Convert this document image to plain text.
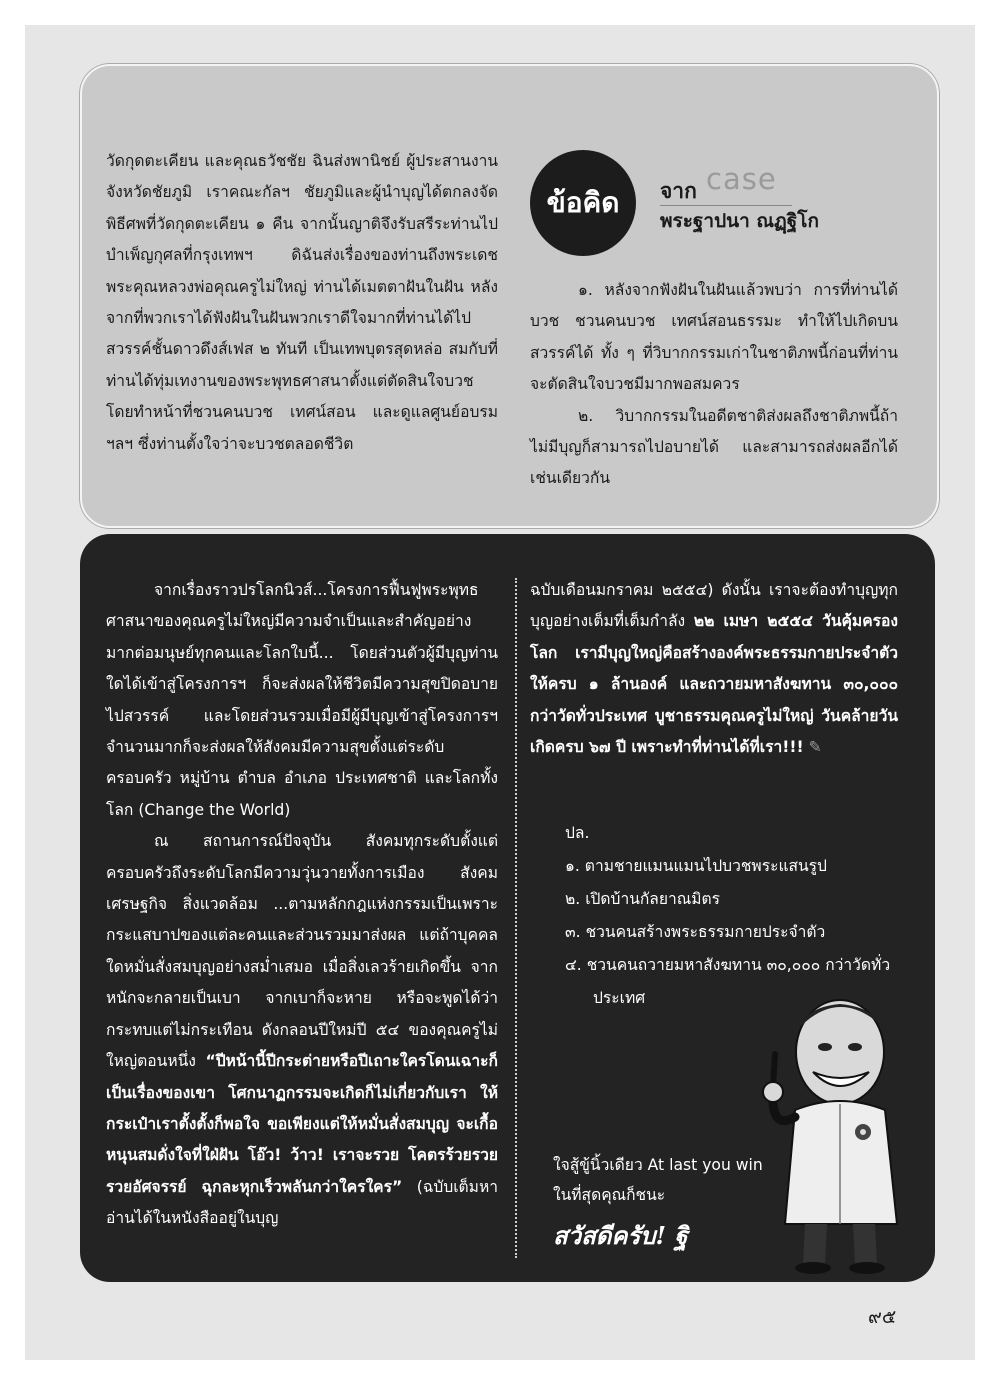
วัดกุดตะเคียน และคุณธวัชชัย ฉินส่งพานิชย์ ผู้ประสานงานจังหวัดชัยภูมิ เราคณะกัลฯ ชัยภูมิและผู้นำบุญได้ตกลงจัดพิธีศพที่วัดกุดตะเคียน ๑ คืน จากนั้นญาติจึงรับสรีระท่านไปบำเพ็ญกุศลที่กรุงเทพฯ ดิฉันส่งเรื่องของท่านถึงพระเดชพระคุณหลวงพ่อคุณครูไม่ใหญ่ ท่านได้เมตตาฝันในฝัน หลังจากที่พวกเราได้ฟังฝันในฝันพวกเราดีใจมากที่ท่านได้ไปสวรรค์ชั้นดาวดึงส์เฟส ๒ ทันที เป็นเทพบุตรสุดหล่อ สมกับที่ท่านได้ทุ่มเทงานของพระพุทธศาสนาตั้งแต่ตัดสินใจบวช โดยทำหน้าที่ชวนคนบวช เทศน์สอน และดูแลศูนย์อบรม ฯลฯ ซึ่งท่านตั้งใจว่าจะบวชตลอดชีวิต

ข้อคิด จาก case
พระฐาปนา ณฏฺฐิโก

๑. หลังจากฟังฝันในฝันแล้วพบว่า การที่ท่านได้บวช ชวนคนบวช เทศน์สอนธรรมะ ทำให้ไปเกิดบนสวรรค์ได้ ทั้ง ๆ ที่วิบากกรรมเก่าในชาติภพนี้ก่อนที่ท่านจะตัดสินใจบวชมีมากพอสมควร

๒. วิบากกรรมในอดีตชาติส่งผลถึงชาติภพนี้ถ้าไม่มีบุญก็สามารถไปอบายได้ และสามารถส่งผลอีกได้เช่นเดียวกัน

จากเรื่องราวปรโลกนิวส์...โครงการฟื้นฟูพระพุทธศาสนาของคุณครูไม่ใหญ่มีความจำเป็นและสำคัญอย่างมากต่อมนุษย์ทุกคนและโลกใบนี้... โดยส่วนตัวผู้มีบุญท่านใดได้เข้าสู่โครงการฯ ก็จะส่งผลให้ชีวิตมีความสุขปิดอบายไปสวรรค์ และโดยส่วนรวมเมื่อมีผู้มีบุญเข้าสู่โครงการฯ จำนวนมากก็จะส่งผลให้สังคมมีความสุขตั้งแต่ระดับครอบครัว หมู่บ้าน ตำบล อำเภอ ประเทศชาติ และโลกทั้งโลก (Change the World)

ณ สถานการณ์ปัจจุบัน สังคมทุกระดับตั้งแต่ครอบครัวถึงระดับโลกมีความวุ่นวายทั้งการเมือง สังคม เศรษฐกิจ สิ่งแวดล้อม ...ตามหลักกฎแห่งกรรมเป็นเพราะกระแสบาปของแต่ละคนและส่วนรวมมาส่งผล แต่ถ้าบุคคลใดหมั่นสั่งสมบุญอย่างสม่ำเสมอ เมื่อสิ่งเลวร้ายเกิดขึ้น จากหนักจะกลายเป็นเบา จากเบาก็จะหาย หรือจะพูดได้ว่ากระทบแต่ไม่กระเทือน ดังกลอนปีใหม่ปี ๕๔ ของคุณครูไม่ใหญ่ตอนหนึ่ง “ปีหน้านี้ปีกระต่ายหรือปีเถาะใครโดนเฉาะก็เป็นเรื่องของเขา โศกนาฏกรรมจะเกิดก็ไม่เกี่ยวกับเรา ให้กระเป๋าเราตั้งตั้งก็พอใจ ขอเพียงแต่ให้หมั่นสั่งสมบุญ จะเกื้อหนุนสมดั่งใจที่ใฝ่ฝัน โอ๊ว! ว้าว! เราจะรวย โคตรร้วยรวย รวยอัศจรรย์ ฉุกละหุกเร็วพลันกว่าใครใคร” (ฉบับเต็มหาอ่านได้ในหนังสืออยู่ในบุญ

ฉบับเดือนมกราคม ๒๕๕๔) ดังนั้น เราจะต้องทำบุญทุกบุญอย่างเต็มที่เต็มกำลัง ๒๒ เมษา ๒๕๕๔ วันคุ้มครองโลก เรามีบุญใหญ่คือสร้างองค์พระธรรมกายประจำตัวให้ครบ ๑ ล้านองค์ และถวายมหาสังฆทาน ๓๐,๐๐๐ กว่าวัดทั่วประเทศ บูชาธรรมคุณครูไม่ใหญ่ วันคล้ายวันเกิดครบ ๖๗ ปี เพราะทำที่ท่านได้ที่เรา!!! ✎

ปล.

๑. ตามชายแมนแมนไปบวชพระแสนรูป

๒. เปิดบ้านกัลยาณมิตร

๓. ชวนคนสร้างพระธรรมกายประจำตัว

๔. ชวนคนถวายมหาสังฆทาน ๓๐,๐๐๐ กว่าวัดทั่วประเทศ

ใจสู้ขู้นิ้วเดียว At last you win

ในที่สุดคุณก็ชนะ

สวัสดีครับ! ฐิ
๙๕
